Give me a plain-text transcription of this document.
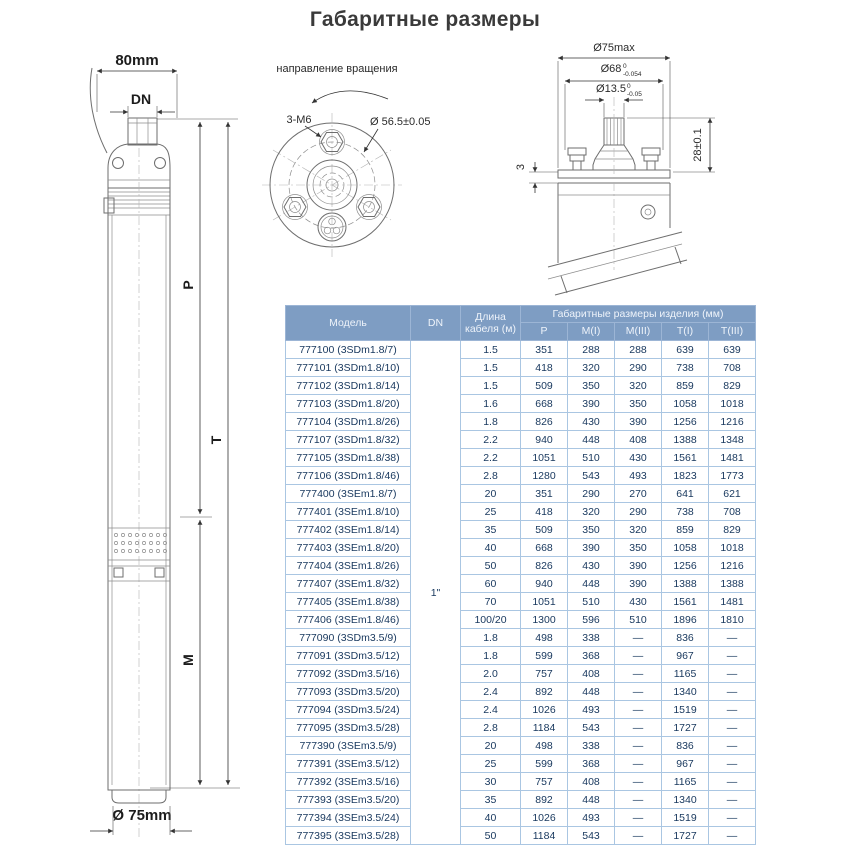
Габаритные размеры
80mm
DN
Ø 75mm
P
M
T
направление вращения
3-M6	Ø 56.5±0.05
Ø75max
Ø68 0
-0.054
Ø13.5 0
-0.05
3
28±0.1
Модель	DN	Длина кабеля (м)	Габаритные размеры изделия (мм)				
			P	M(I)	M(III)	T(I)	T(III)
777100 (3SDm1.8/7)	1"	1.5	351	288	288	639	639
777101 (3SDm1.8/10)		1.5	418	320	290	738	708
777102 (3SDm1.8/14)		1.5	509	350	320	859	829
777103 (3SDm1.8/20)		1.6	668	390	350	1058	1018
777104 (3SDm1.8/26)		1.8	826	430	390	1256	1216
777107 (3SDm1.8/32)		2.2	940	448	408	1388	1348
777105 (3SDm1.8/38)		2.2	1051	510	430	1561	1481
777106 (3SDm1.8/46)		2.8	1280	543	493	1823	1773
777400 (3SEm1.8/7)		20	351	290	270	641	621
777401 (3SEm1.8/10)		25	418	320	290	738	708
777402 (3SEm1.8/14)		35	509	350	320	859	829
777403 (3SEm1.8/20)		40	668	390	350	1058	1018
777404 (3SEm1.8/26)		50	826	430	390	1256	1216
777407 (3SEm1.8/32)		60	940	448	390	1388	1388
777405 (3SEm1.8/38)		70	1051	510	430	1561	1481
777406 (3SEm1.8/46)		100/20	1300	596	510	1896	1810
777090 (3SDm3.5/9)		1.8	498	338	—	836	—
777091 (3SDm3.5/12)		1.8	599	368	—	967	—
777092 (3SDm3.5/16)		2.0	757	408	—	1165	—
777093 (3SDm3.5/20)		2.4	892	448	—	1340	—
777094 (3SDm3.5/24)		2.4	1026	493	—	1519	—
777095 (3SDm3.5/28)		2.8	1184	543	—	1727	—
777390 (3SEm3.5/9)		20	498	338	—	836	—
777391 (3SEm3.5/12)		25	599	368	—	967	—
777392 (3SEm3.5/16)		30	757	408	—	1165	—
777393 (3SEm3.5/20)		35	892	448	—	1340	—
777394 (3SEm3.5/24)		40	1026	493	—	1519	—
777395 (3SEm3.5/28)		50	1184	543	—	1727	—
